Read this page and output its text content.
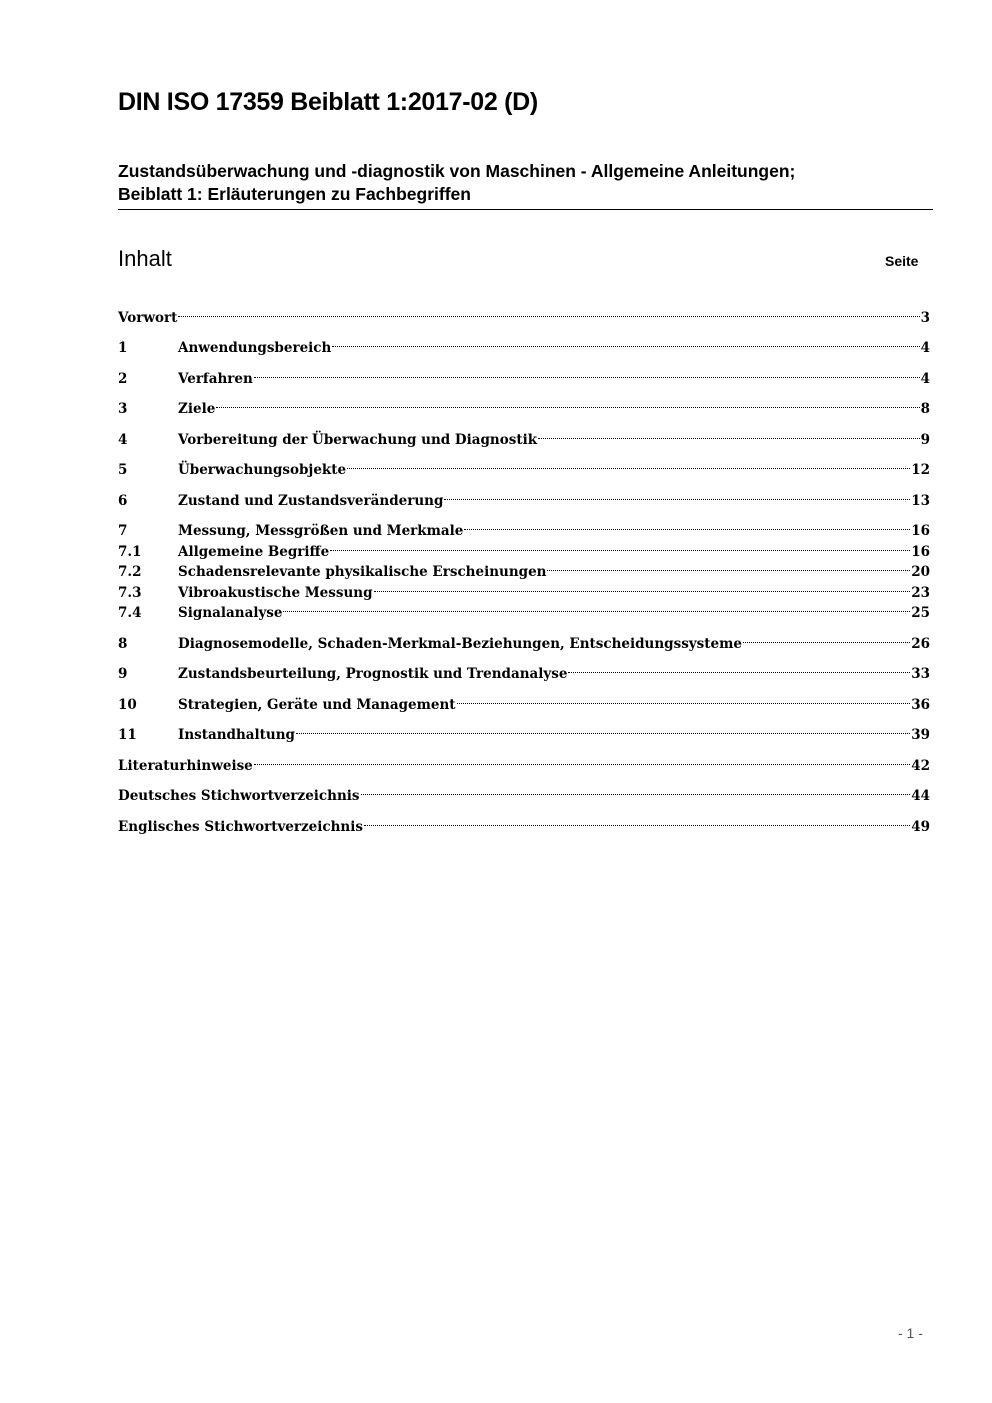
DIN ISO 17359 Beiblatt 1:2017-02 (D)
Zustandsüberwachung und -diagnostik von Maschinen - Allgemeine Anleitungen;
Beiblatt 1: Erläuterungen zu Fachbegriffen
Inhalt	Seite
Vorwort	3
1	Anwendungsbereich	4
2	Verfahren	4
3	Ziele	8
4	Vorbereitung der Überwachung und Diagnostik	9
5	Überwachungsobjekte	12
6	Zustand und Zustandsveränderung	13
7	Messung, Messgrößen und Merkmale	16
7.1	Allgemeine Begriffe	16
7.2	Schadensrelevante physikalische Erscheinungen	20
7.3	Vibroakustische Messung	23
7.4	Signalanalyse	25
8	Diagnosemodelle, Schaden-Merkmal-Beziehungen, Entscheidungssysteme	26
9	Zustandsbeurteilung, Prognostik und Trendanalyse	33
10	Strategien, Geräte und Management	36
11	Instandhaltung	39
Literaturhinweise	42
Deutsches Stichwortverzeichnis	44
Englisches Stichwortverzeichnis	49
- 1 -
